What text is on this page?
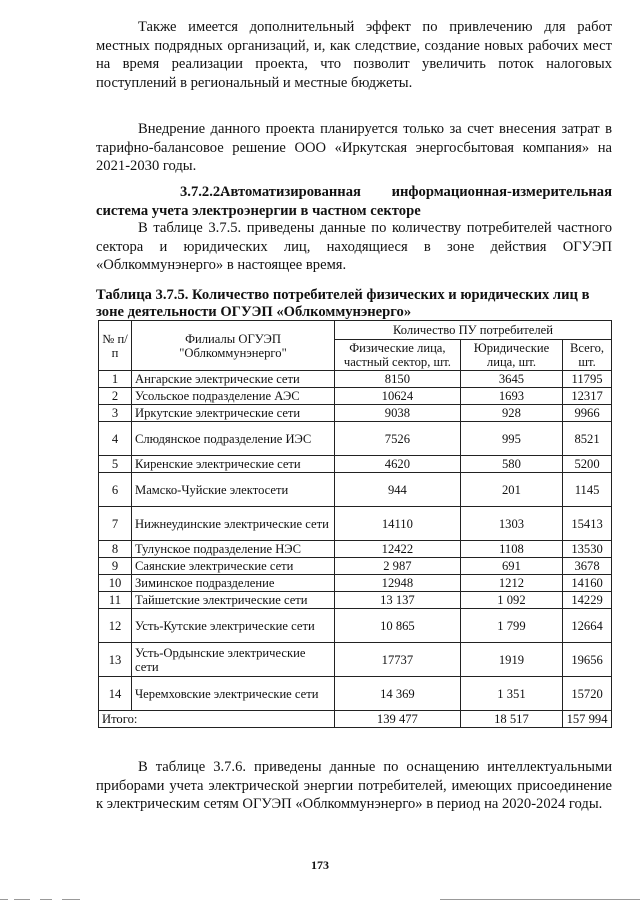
Также имеется дополнительный эффект по привлечению для работ местных подрядных организаций, и, как следствие, создание новых рабочих мест на время реализации проекта, что позволит увеличить поток налоговых поступлений в региональный и местные бюджеты.

Внедрение данного проекта планируется только за счет внесения затрат в тарифно-балансовое решение ООО «Иркутская энергосбытовая компания» на 2021-2030 годы.

3.7.2.2.Автоматизированная информационная-измерительная система учета электроэнергии в частном секторе

В таблице 3.7.5. приведены данные по количеству потребителей частного сектора и юридических лиц, находящиеся в зоне действия ОГУЭП «Облкоммунэнерго» в настоящее время.

Таблица 3.7.5. Количество потребителей физических и юридических лиц в зоне деятельности ОГУЭП «Облкоммунэнерго»

№ п/п	Филиалы ОГУЭП "Облкоммунэнерго"	Количество ПУ потребителей		
		Физические лица, частный сектор, шт.	Юридические лица, шт.	Всего, шт.
1	Ангарские электрические сети	8150	3645	11795
2	Усольское подразделение АЭС	10624	1693	12317
3	Иркутские электрические сети	9038	928	9966
4	Слюдянское подразделение ИЭС	7526	995	8521
5	Киренские электрические сети	4620	580	5200
6	Мамско-Чуйские электосети	944	201	1145
7	Нижнеудинские электрические сети	14110	1303	15413
8	Тулунское подразделение НЭС	12422	1108	13530
9	Саянские электрические сети	2 987	691	3678
10	Зиминское подразделение	12948	1212	14160
11	Тайшетские электрические сети	13 137	1 092	14229
12	Усть-Кутские электрические сети	10 865	1 799	12664
13	Усть-Ордынские электрические сети	17737	1919	19656
14	Черемховские электрические сети	14 369	1 351	15720
Итого:		139 477	18 517	157 994

В таблице 3.7.6. приведены данные по оснащению интеллектуальными приборами учета электрической энергии потребителей, имеющих присоединение к электрическим сетям ОГУЭП «Облкоммунэнерго» в период на 2020-2024 годы.

173
